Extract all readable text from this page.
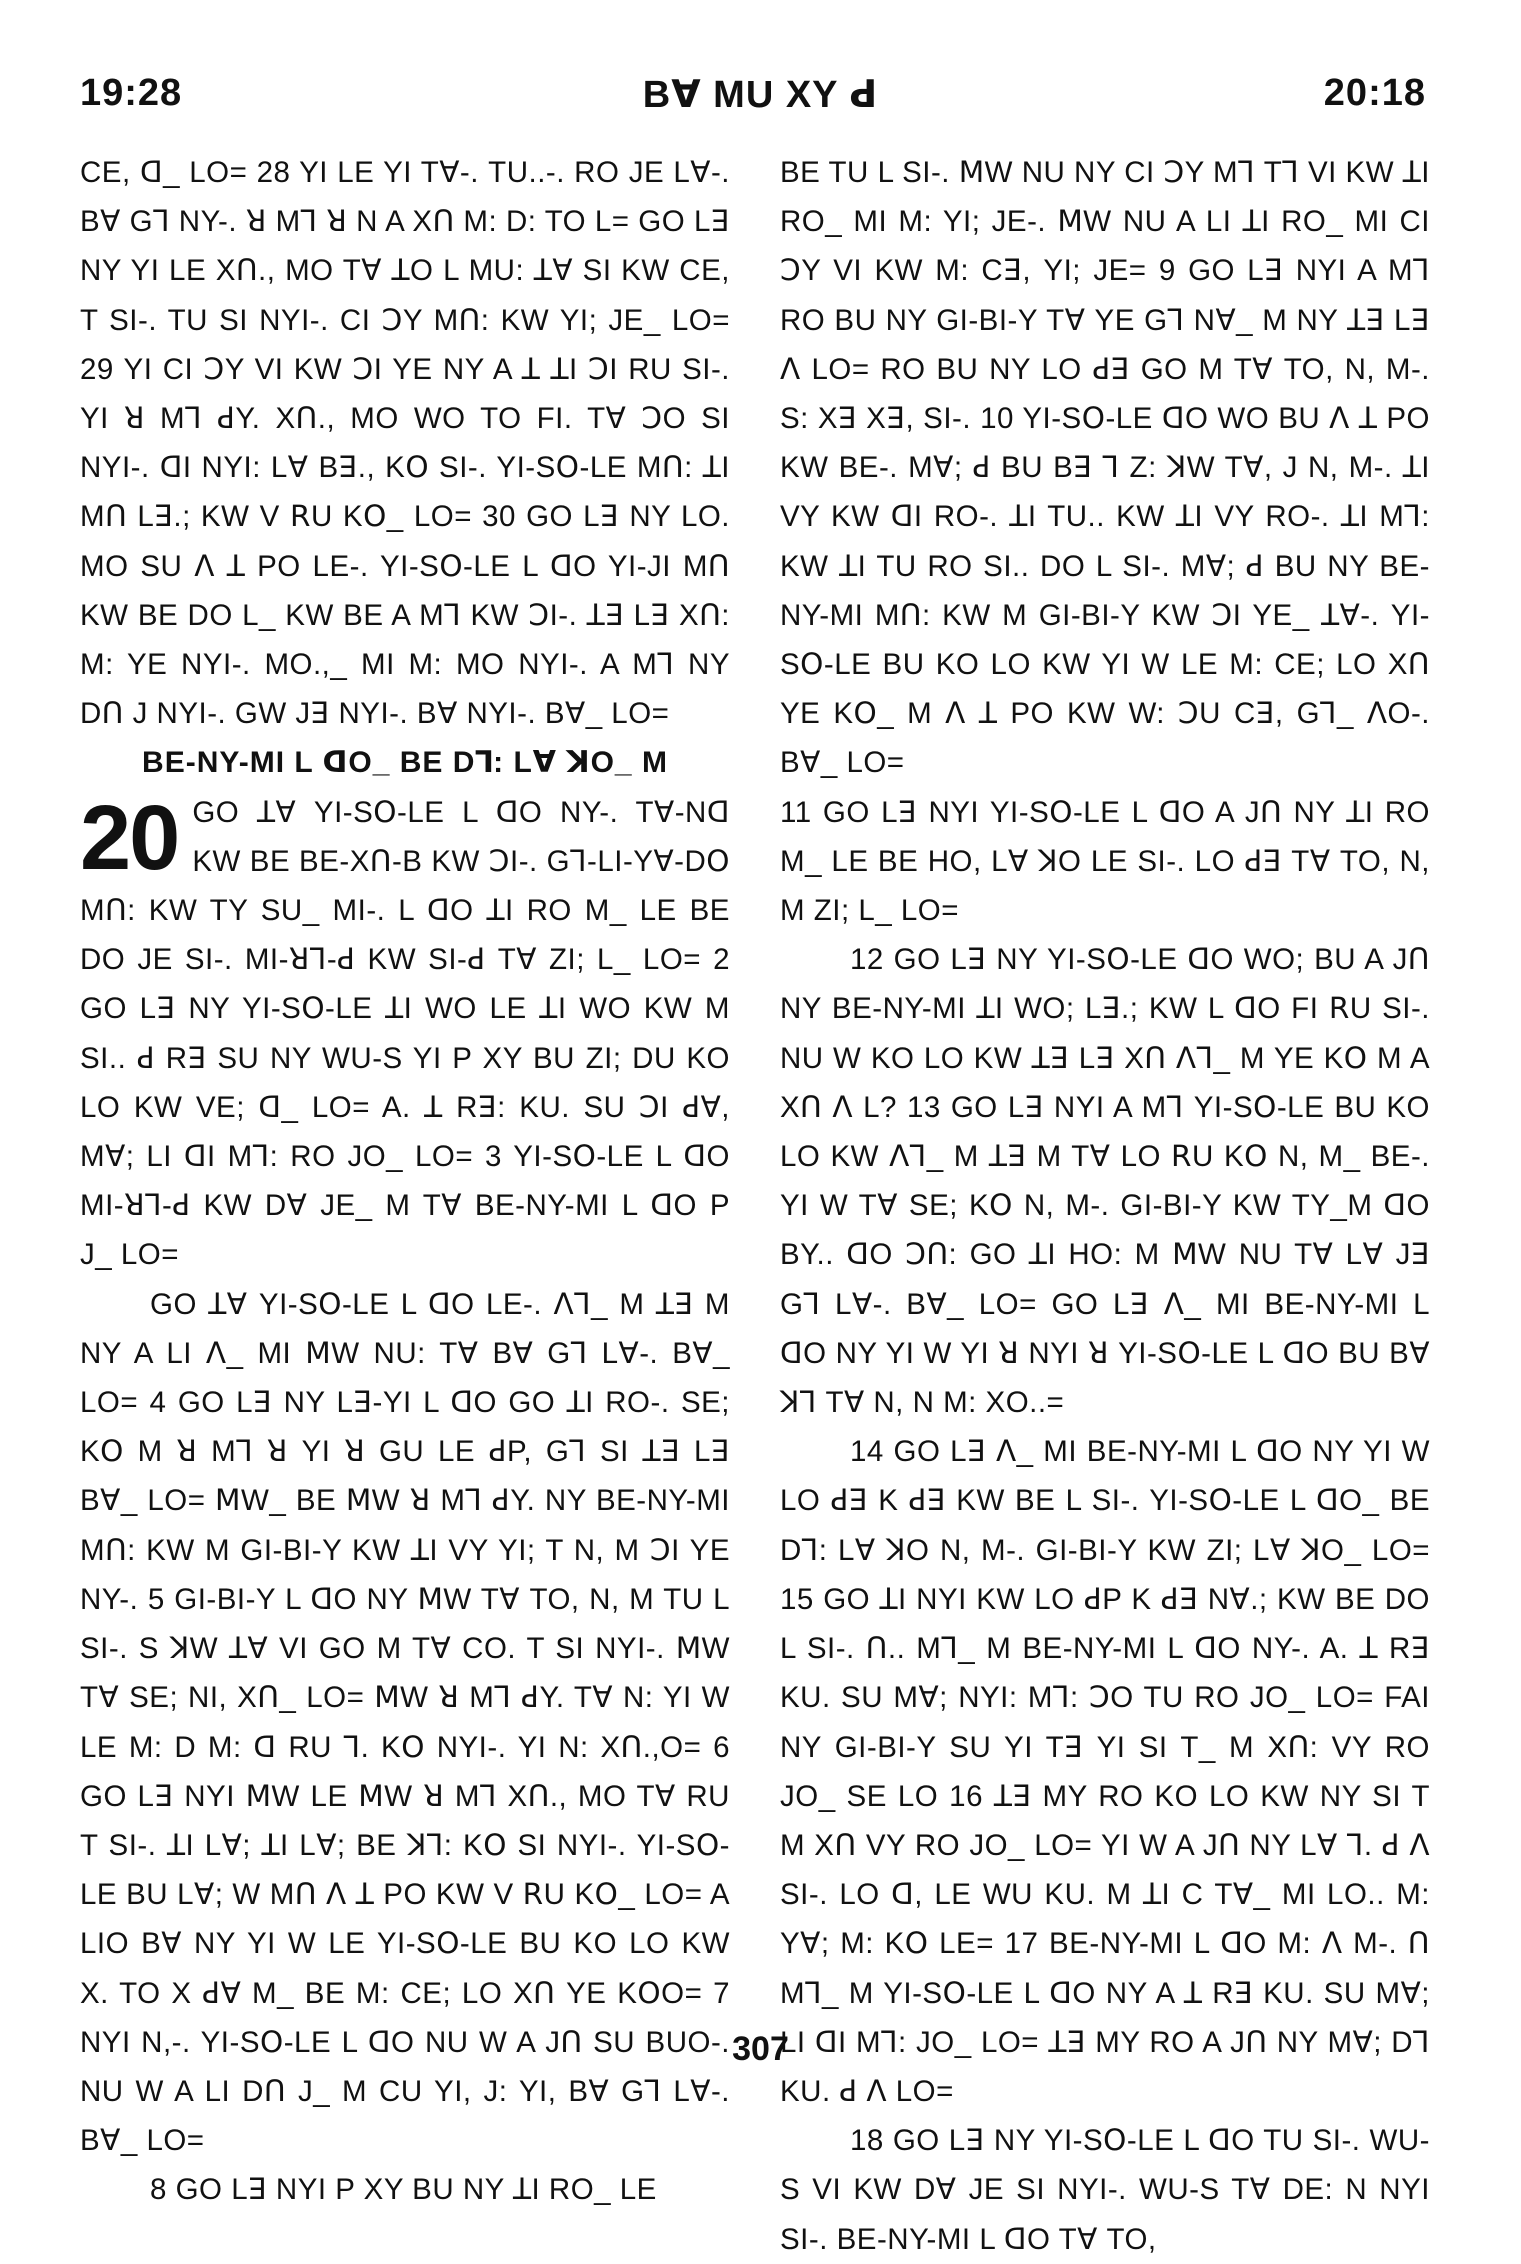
19:28	Bꓯ MU XY ꓒ	20:18

CE, ꓷ_ LO= 28 YI LE YI Tꓯ-. TU..-. RO JE Lꓯ-. Bꓯ Gꓶ NY-. ꓤ Mꓶ ꓤ N A Xꓵ M: D: TO L= GO Lꓱ NY YI LE Xꓵ., MO Tꓯ ꓕO L MU: ꓕꓯ SI KW CE, T SI-. TU SI NYI-. CI ꓛY Mꓵ: KW YI; JE_ LO= 29 YI CI ꓛY VI KW ꓛI YE NY A ꓕ ꓕI ꓛI RU SI-. YI ꓤ Mꓶ ꓒY. Xꓵ., MO WO TO FI. Tꓯ ꓛO SI NYI-. ꓷI NYI: Lꓯ Bꓱ., Kꓳ SI-. YI-Sꓳ-LE Mꓵ: ꓕI Mꓵ Lꓱ.; KW V ꓣU Kꓳ_ LO= 30 GO Lꓱ NY LO. MO SU ꓥ ꓕ PO LE-. YI-Sꓳ-LE L ꓷO YI-JI Mꓵ KW BE DO L_ KW BE A Mꓶ KW ꓛI-. ꓕꓱ Lꓱ Xꓵ: M: YE NYI-. MO.,_ MI M: MO NYI-. A Mꓶ NY Dꓵ J NYI-. GW Jꓱ NYI-. Bꓯ NYI-. Bꓯ_ LO=

BE-NY-MI L ꓷO_ BE Dꓶ: Lꓯ ꓘO_ M

20 GO ꓕꓯ YI-Sꓳ-LE L ꓷO NY-. Tꓯ-Nꓷ KW BE BE-Xꓵ-B KW ꓛI-. Gꓶ-LI-Yꓯ-Dꓳ Mꓵ: KW TY SU_ MI-. L ꓷO ꓕI RO M_ LE BE DO JE SI-. MI-ꓤꓶ-ꓒ KW SI-ꓒ Tꓯ ZI; L_ LO= 2 GO Lꓱ NY YI-Sꓳ-LE ꓕI WO LE ꓕI WO KW M SI.. ꓒ Rꓱ SU NY WU-S YI P XY BU ZI; DU KO LO KW VE; ꓷ_ LO= A. ꓕ Rꓱ: KU. SU ꓛI ꓒꓯ, Mꓯ; LI ꓷI Mꓶ: RO JO_ LO= 3 YI-Sꓳ-LE L ꓷO MI-ꓤꓶ-ꓒ KW Dꓯ JE_ M Tꓯ BE-NY-MI L ꓷO P J_ LO=

GO ꓕꓯ YI-Sꓳ-LE L ꓷO LE-. ꓥꓶ_ M ꓕꓱ M NY A LI ꓥ_ MI ꓟW NU: Tꓯ Bꓯ Gꓶ Lꓯ-. Bꓯ_ LO= 4 GO Lꓱ NY Lꓱ-YI L ꓷO GO ꓕI RO-. SE; Kꓳ M ꓤ Mꓶ ꓤ YI ꓤ GU LE ꓒP, Gꓶ SI ꓕꓱ Lꓱ Bꓯ_ LO= ꓟW_ BE ꓟW ꓤ Mꓶ ꓒY. NY BE-NY-MI Mꓵ: KW M GI-BI-Y KW ꓕI VY YI; T N, M ꓛI YE NY-. 5 GI-BI-Y L ꓷO NY ꓟW Tꓯ TO, N, M TU L SI-. S ꓘW ꓕꓯ VI GO M Tꓯ CO. T SI NYI-. ꓟW Tꓯ SE; NI, Xꓵ_ LO= ꓟW ꓤ Mꓶ ꓒY. Tꓯ N: YI W LE M: D M: ꓷ RU ꓶ. Kꓳ NYI-. YI N: Xꓵ.,O= 6 GO Lꓱ NYI ꓟW LE ꓟW ꓤ Mꓶ Xꓵ., MO Tꓯ RU T SI-. ꓕI Lꓯ; ꓕI Lꓯ; BE ꓘꓶ: Kꓳ SI NYI-. YI-Sꓳ-LE BU Lꓯ; W Mꓵ ꓥ ꓕ PO KW V ꓣU Kꓳ_ LO= A LIO Bꓯ NY YI W LE YI-Sꓳ-LE BU KO LO KW X. TO X ꓒꓯ M_ BE M: CE; LO Xꓵ YE KꓳO= 7 NYI N,-. YI-Sꓳ-LE L ꓷO NU W A Jꓵ SU BUO-. NU W A LI Dꓵ J_ M CU YI, J: YI, Bꓯ Gꓶ Lꓯ-. Bꓯ_ LO=

8 GO Lꓱ NYI P XY BU NY ꓕI RO_ LE

BE TU L SI-. ꓟW NU NY CI ꓛY Mꓶ Tꓶ VI KW ꓕI RO_ MI M: YI; JE-. ꓟW NU A LI ꓕI RO_ MI CI ꓛY VI KW M: Cꓱ, YI; JE= 9 GO Lꓱ NYI A Mꓶ RO BU NY GI-BI-Y Tꓯ YE Gꓶ Nꓯ_ M NY ꓕꓱ Lꓱ ꓥ LO= RO BU NY LO ꓒꓱ GO M Tꓯ TO, N, M-. S: Xꓱ Xꓱ, SI-. 10 YI-Sꓳ-LE ꓷO WO BU ꓥ ꓕ PO KW BE-. Mꓯ; ꓒ BU Bꓱ ꓶ Z: ꓘW Tꓯ, J N, M-. ꓕI VY KW ꓷI RO-. ꓕI TU.. KW ꓕI VY RO-. ꓕI Mꓶ: KW ꓕI TU RO SI.. DO L SI-. Mꓯ; ꓒ BU NY BE-NY-MI Mꓵ: KW M GI-BI-Y KW ꓛI YE_ ꓕꓯ-. YI-Sꓳ-LE BU KO LO KW YI W LE M: CE; LO Xꓵ YE Kꓳ_ M ꓥ ꓕ PO KW W: ꓛU Cꓱ, Gꓶ_ ꓥO-. Bꓯ_ LO=

11 GO Lꓱ NYI YI-Sꓳ-LE L ꓷO A Jꓵ NY ꓕI RO M_ LE BE HO, Lꓯ ꓘO LE SI-. LO ꓒꓱ Tꓯ TO, N, M ZI; L_ LO=

12 GO Lꓱ NY YI-Sꓳ-LE ꓷO WO; BU A Jꓵ NY BE-NY-MI ꓕI WO; Lꓱ.; KW L ꓷO FI ꓣU SI-. NU W KO LO KW ꓕꓱ Lꓱ Xꓵ ꓥꓶ_ M YE Kꓳ M A Xꓵ ꓥ L? 13 GO Lꓱ NYI A Mꓶ YI-Sꓳ-LE BU KO LO KW ꓥꓶ_ M ꓕꓱ M Tꓯ LO ꓣU Kꓳ N, M_ BE-. YI W Tꓯ SE; Kꓳ N, M-. GI-BI-Y KW TY_M ꓷO BY.. ꓷO ꓛꓵ: GO ꓕI HO: M ꓟW NU Tꓯ Lꓯ Jꓱ Gꓶ Lꓯ-. Bꓯ_ LO= GO Lꓱ ꓥ_ MI BE-NY-MI L ꓷO NY YI W YI ꓤ NYI ꓤ YI-Sꓳ-LE L ꓷO BU Bꓯ ꓘꓶ Tꓯ N, N M: XO..=

14 GO Lꓱ ꓥ_ MI BE-NY-MI L ꓷO NY YI W LO ꓒꓱ K ꓒꓱ KW BE L SI-. YI-Sꓳ-LE L ꓷO_ BE Dꓶ: Lꓯ ꓘO N, M-. GI-BI-Y KW ZI; Lꓯ ꓘO_ LO= 15 GO ꓕI NYI KW LO ꓒP K ꓒꓱ Nꓯ.; KW BE DO L SI-. ꓵ.. Mꓶ_ M BE-NY-MI L ꓷO NY-. A. ꓕ Rꓱ KU. SU Mꓯ; NYI: Mꓶ: ꓛO TU RO JO_ LO= FAI NY GI-BI-Y SU YI Tꓱ YI SI T_ M Xꓵ: VY RO JO_ SE LO 16 ꓕꓱ MY RO KO LO KW NY SI T M Xꓵ VY RO JO_ LO= YI W A Jꓵ NY Lꓯ ꓶ. ꓒ ꓥ SI-. LO ꓷ, LE WU KU. M ꓕI C Tꓯ_ MI LO.. M: Yꓯ; M: Kꓳ LE= 17 BE-NY-MI L ꓷO M: ꓥ M-. ꓵ Mꓶ_ M YI-Sꓳ-LE L ꓷO NY A ꓕ Rꓱ KU. SU Mꓯ; LI ꓷI Mꓶ: JO_ LO= ꓕꓱ MY RO A Jꓵ NY Mꓯ; Dꓶ KU. ꓒ ꓥ LO=

18 GO Lꓱ NY YI-Sꓳ-LE L ꓷO TU SI-. WU-S VI KW Dꓯ JE SI NYI-. WU-S Tꓯ DE: N NYI SI-. BE-NY-MI L ꓷO Tꓯ TO,

307
